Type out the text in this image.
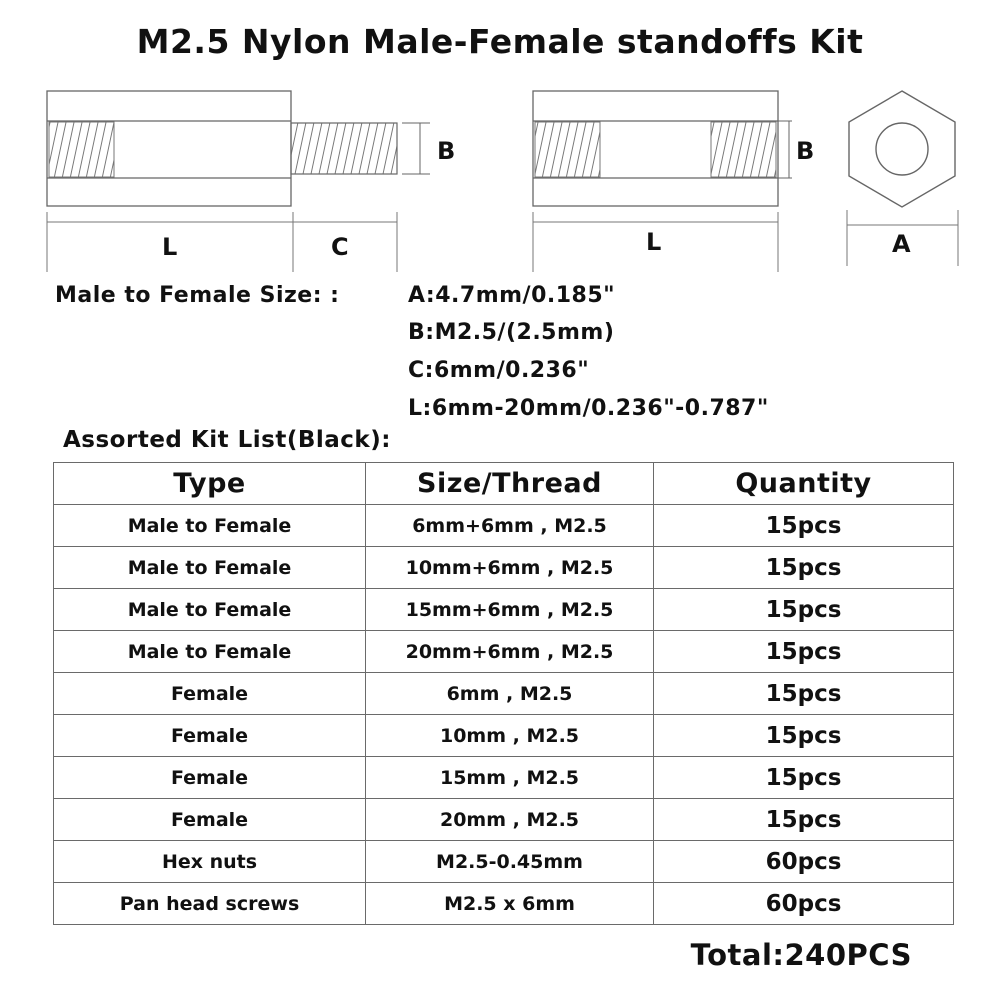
M2.5 Nylon Male-Female standoffs Kit
B
L	C
B
L	A
Male to Female Size: :	A:4.7mm/0.185"
B:M2.5/(2.5mm)
C:6mm/0.236"
L:6mm-20mm/0.236"-0.787"
Assorted Kit List(Black):
Type	Size/Thread	Quantity
Male to Female	6mm+6mm , M2.5	15pcs
Male to Female	10mm+6mm , M2.5	15pcs
Male to Female	15mm+6mm , M2.5	15pcs
Male to Female	20mm+6mm , M2.5	15pcs
Female	6mm , M2.5	15pcs
Female	10mm , M2.5	15pcs
Female	15mm , M2.5	15pcs
Female	20mm , M2.5	15pcs
Hex nuts	M2.5-0.45mm	60pcs
Pan head screws	M2.5 x 6mm	60pcs
Total:240PCS
